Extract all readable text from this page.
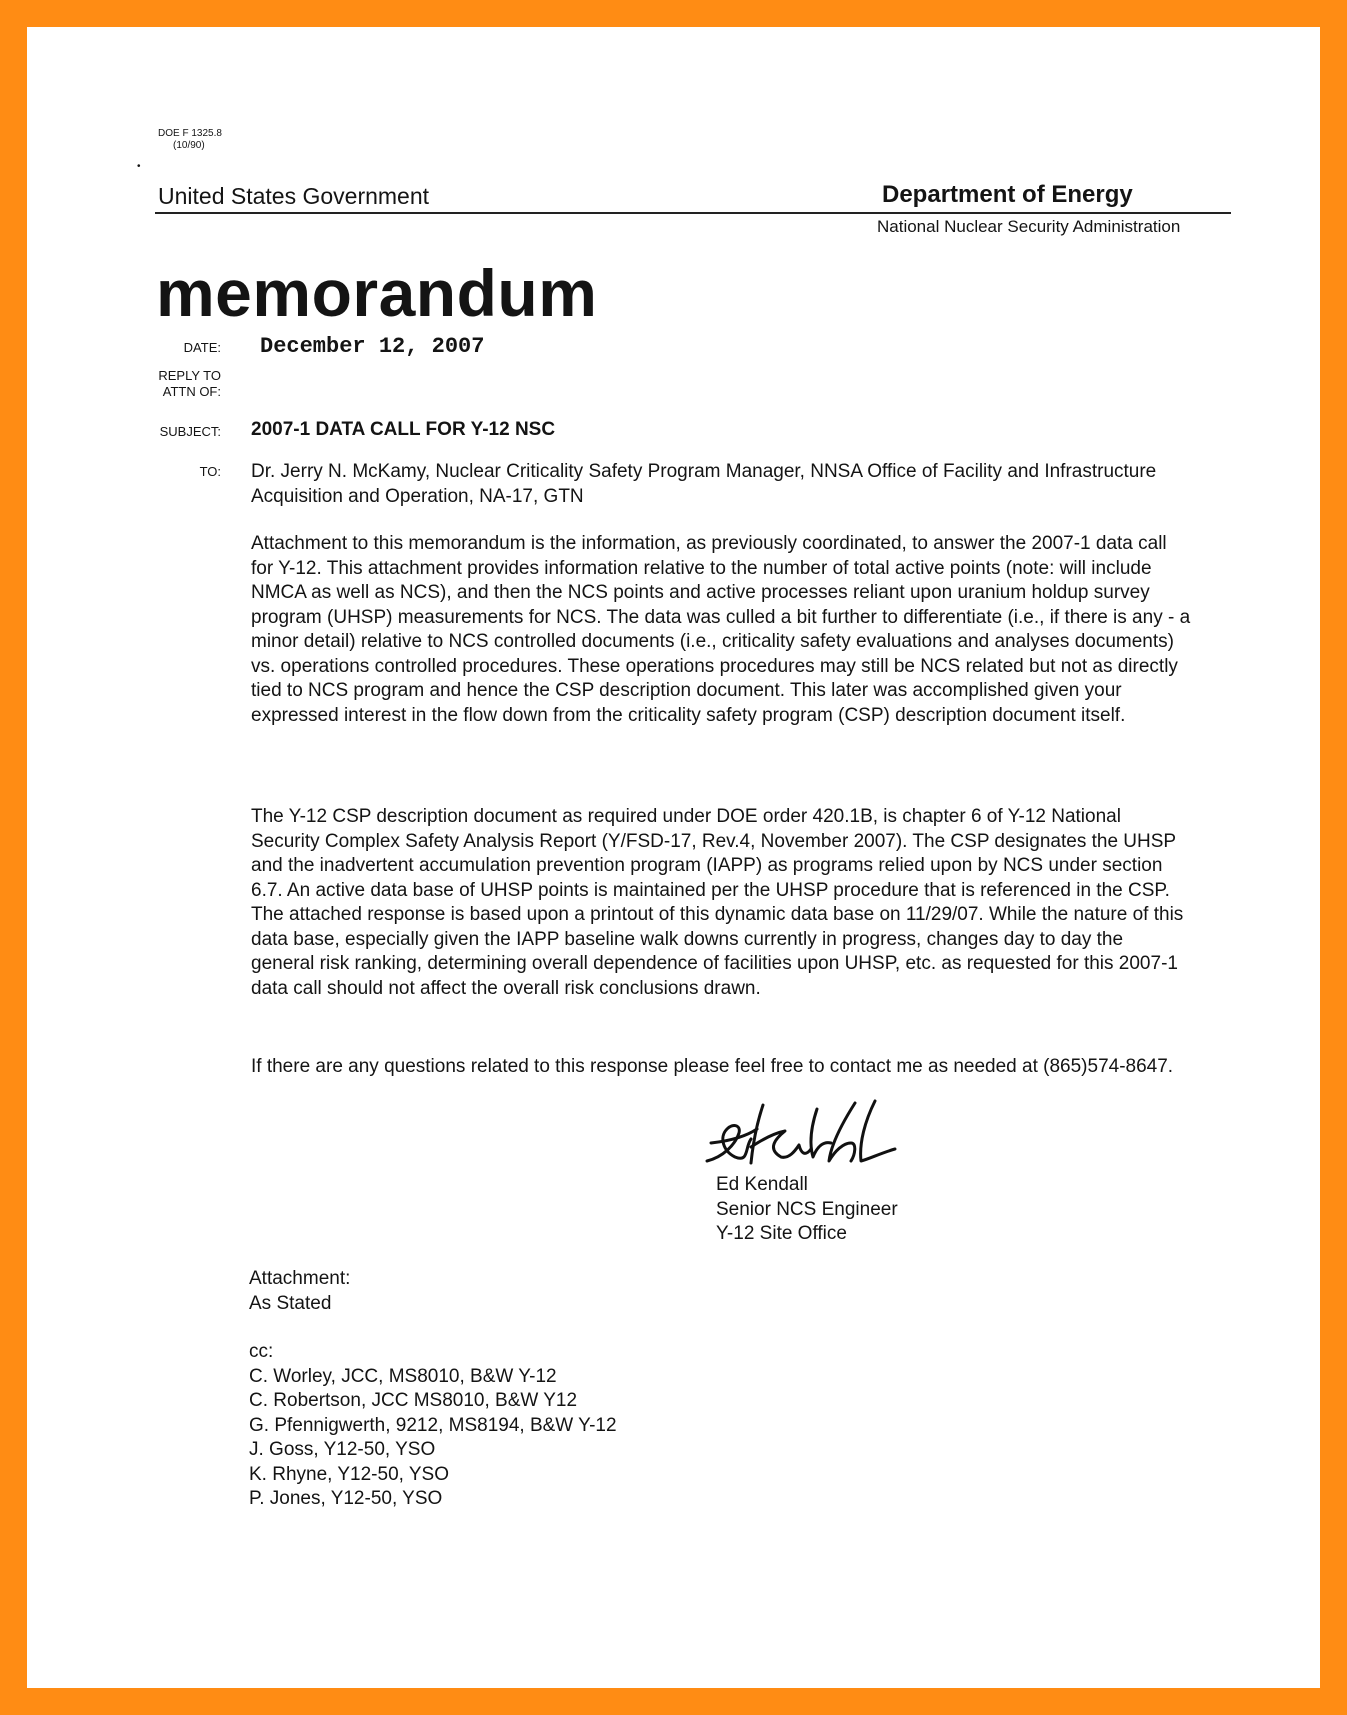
DOE F 1325.8
(10/90)
•
United States Government	Department of Energy
National Nuclear Security Administration
memorandum
DATE: December 12, 2007
REPLY TO
ATTN OF:
SUBJECT: 2007-1 DATA CALL FOR Y-12 NSC
TO: Dr. Jerry N. McKamy, Nuclear Criticality Safety Program Manager, NNSA Office of Facility and Infrastructure Acquisition and Operation, NA-17, GTN
Attachment to this memorandum is the information, as previously coordinated, to answer the 2007-1 data call for Y-12. This attachment provides information relative to the number of total active points (note: will include NMCA as well as NCS), and then the NCS points and active processes reliant upon uranium holdup survey program (UHSP) measurements for NCS. The data was culled a bit further to differentiate (i.e., if there is any - a minor detail) relative to NCS controlled documents (i.e., criticality safety evaluations and analyses documents) vs. operations controlled procedures. These operations procedures may still be NCS related but not as directly tied to NCS program and hence the CSP description document. This later was accomplished given your expressed interest in the flow down from the criticality safety program (CSP) description document itself.
The Y-12 CSP description document as required under DOE order 420.1B, is chapter 6 of Y-12 National Security Complex Safety Analysis Report (Y/FSD-17, Rev.4, November 2007). The CSP designates the UHSP and the inadvertent accumulation prevention program (IAPP) as programs relied upon by NCS under section 6.7. An active data base of UHSP points is maintained per the UHSP procedure that is referenced in the CSP. The attached response is based upon a printout of this dynamic data base on 11/29/07. While the nature of this data base, especially given the IAPP baseline walk downs currently in progress, changes day to day the general risk ranking, determining overall dependence of facilities upon UHSP, etc. as requested for this 2007-1 data call should not affect the overall risk conclusions drawn.
If there are any questions related to this response please feel free to contact me as needed at (865)574-8647.
Ed Kendall
Senior NCS Engineer
Y-12 Site Office
Attachment:
As Stated
cc:
C. Worley, JCC, MS8010, B&W Y-12
C. Robertson, JCC MS8010, B&W Y12
G. Pfennigwerth, 9212, MS8194, B&W Y-12
J. Goss, Y12-50, YSO
K. Rhyne, Y12-50, YSO
P. Jones, Y12-50, YSO
